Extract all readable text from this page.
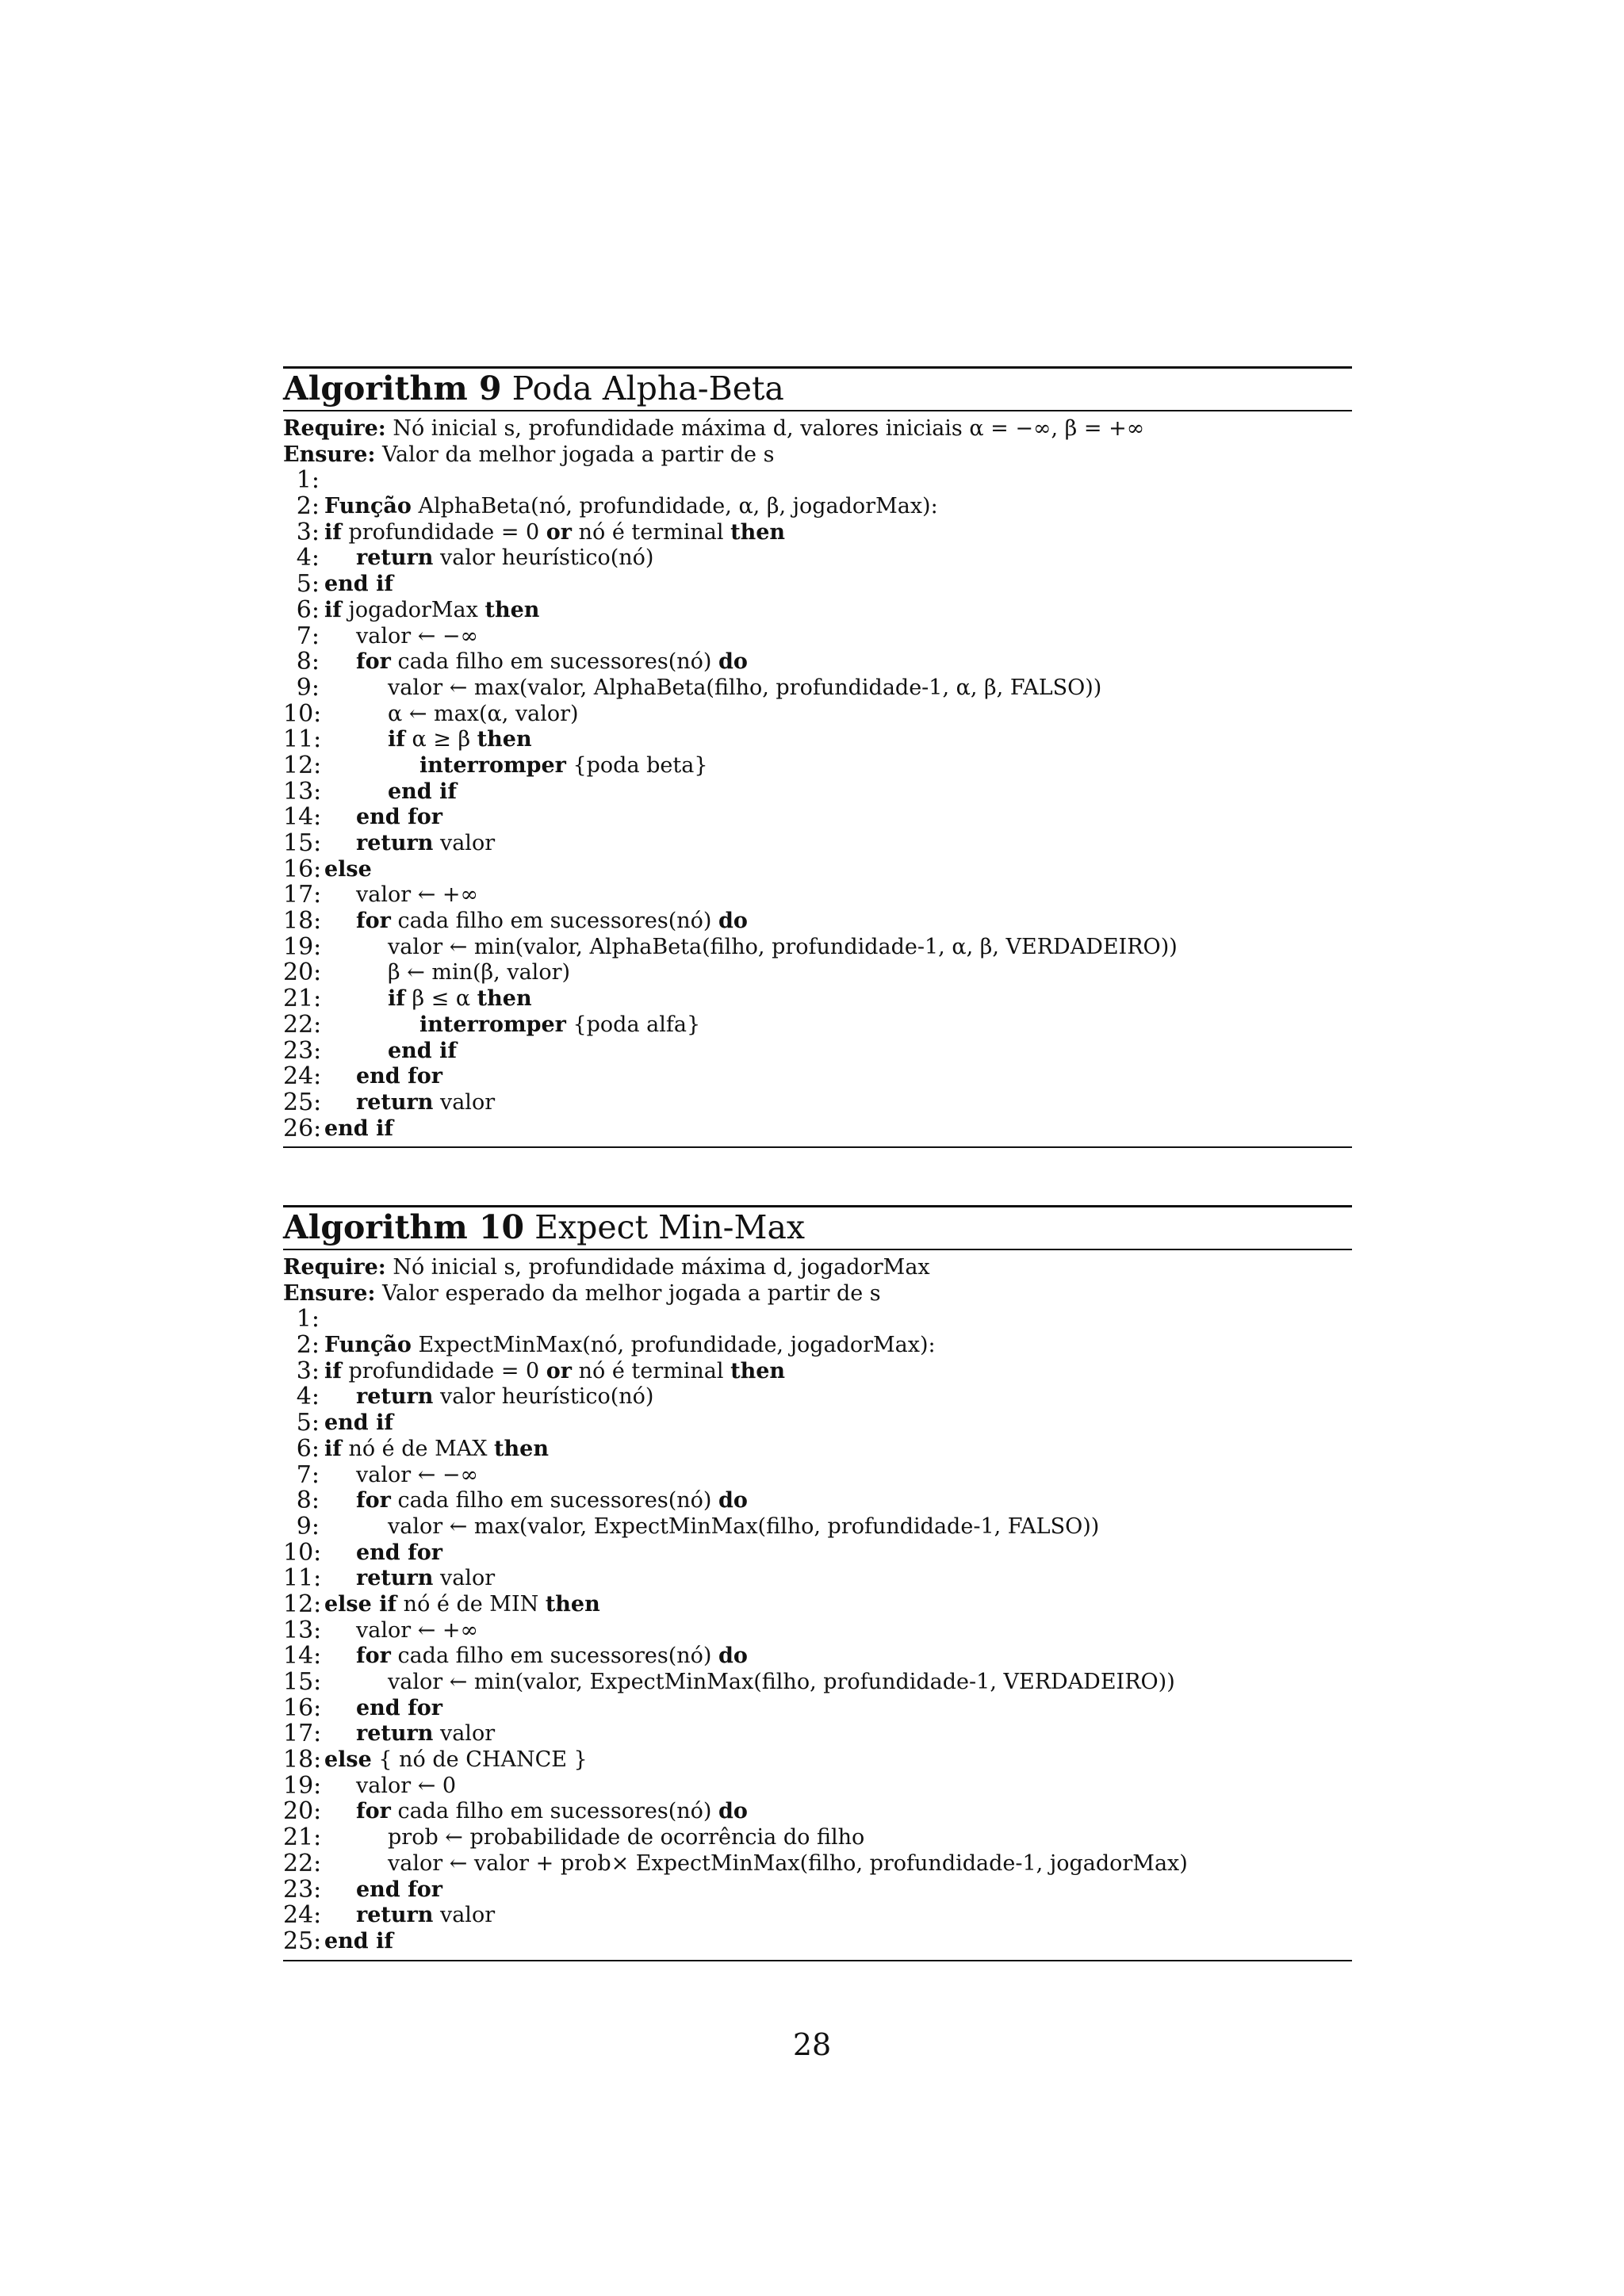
Algorithm 9 Poda Alpha-Beta
Require: Nó inicial s, profundidade máxima d, valores iniciais α = −∞, β = +∞
Ensure: Valor da melhor jogada a partir de s
1:
2: Função AlphaBeta(nó, profundidade, α, β, jogadorMax):
3: if profundidade = 0 or nó é terminal then
4: return valor heurístico(nó)
5: end if
6: if jogadorMax then
7: valor ← −∞
8: for cada filho em sucessores(nó) do
9:	valor ← max(valor, AlphaBeta(filho, profundidade-1, α, β, FALSO))
10:	α ← max(α, valor)
11:	if α ≥ β then
12:	interromper {poda beta}
13:	end if
14: end for
15: return valor
16: else
17: valor ← +∞
18: for cada filho em sucessores(nó) do
19:	valor ← min(valor, AlphaBeta(filho, profundidade-1, α, β, VERDADEIRO))
20:	β ← min(β, valor)
21:	if β ≤ α then
22:	interromper {poda alfa}
23:	end if
24: end for
25: return valor
26: end if
Algorithm 10 Expect Min-Max
Require: Nó inicial s, profundidade máxima d, jogadorMax
Ensure: Valor esperado da melhor jogada a partir de s
1:
2: Função ExpectMinMax(nó, profundidade, jogadorMax):
3: if profundidade = 0 or nó é terminal then
4: return valor heurístico(nó)
5: end if
6: if nó é de MAX then
7: valor ← −∞
8: for cada filho em sucessores(nó) do
9:	valor ← max(valor, ExpectMinMax(filho, profundidade-1, FALSO))
10: end for
11: return valor
12: else if nó é de MIN then
13: valor ← +∞
14: for cada filho em sucessores(nó) do
15:	valor ← min(valor, ExpectMinMax(filho, profundidade-1, VERDADEIRO))
16: end for
17: return valor
18: else { nó de CHANCE }
19: valor ← 0
20: for cada filho em sucessores(nó) do
21:	prob ← probabilidade de ocorrência do filho
22:	valor ← valor + prob× ExpectMinMax(filho, profundidade-1, jogadorMax)
23: end for
24: return valor
25: end if
28
